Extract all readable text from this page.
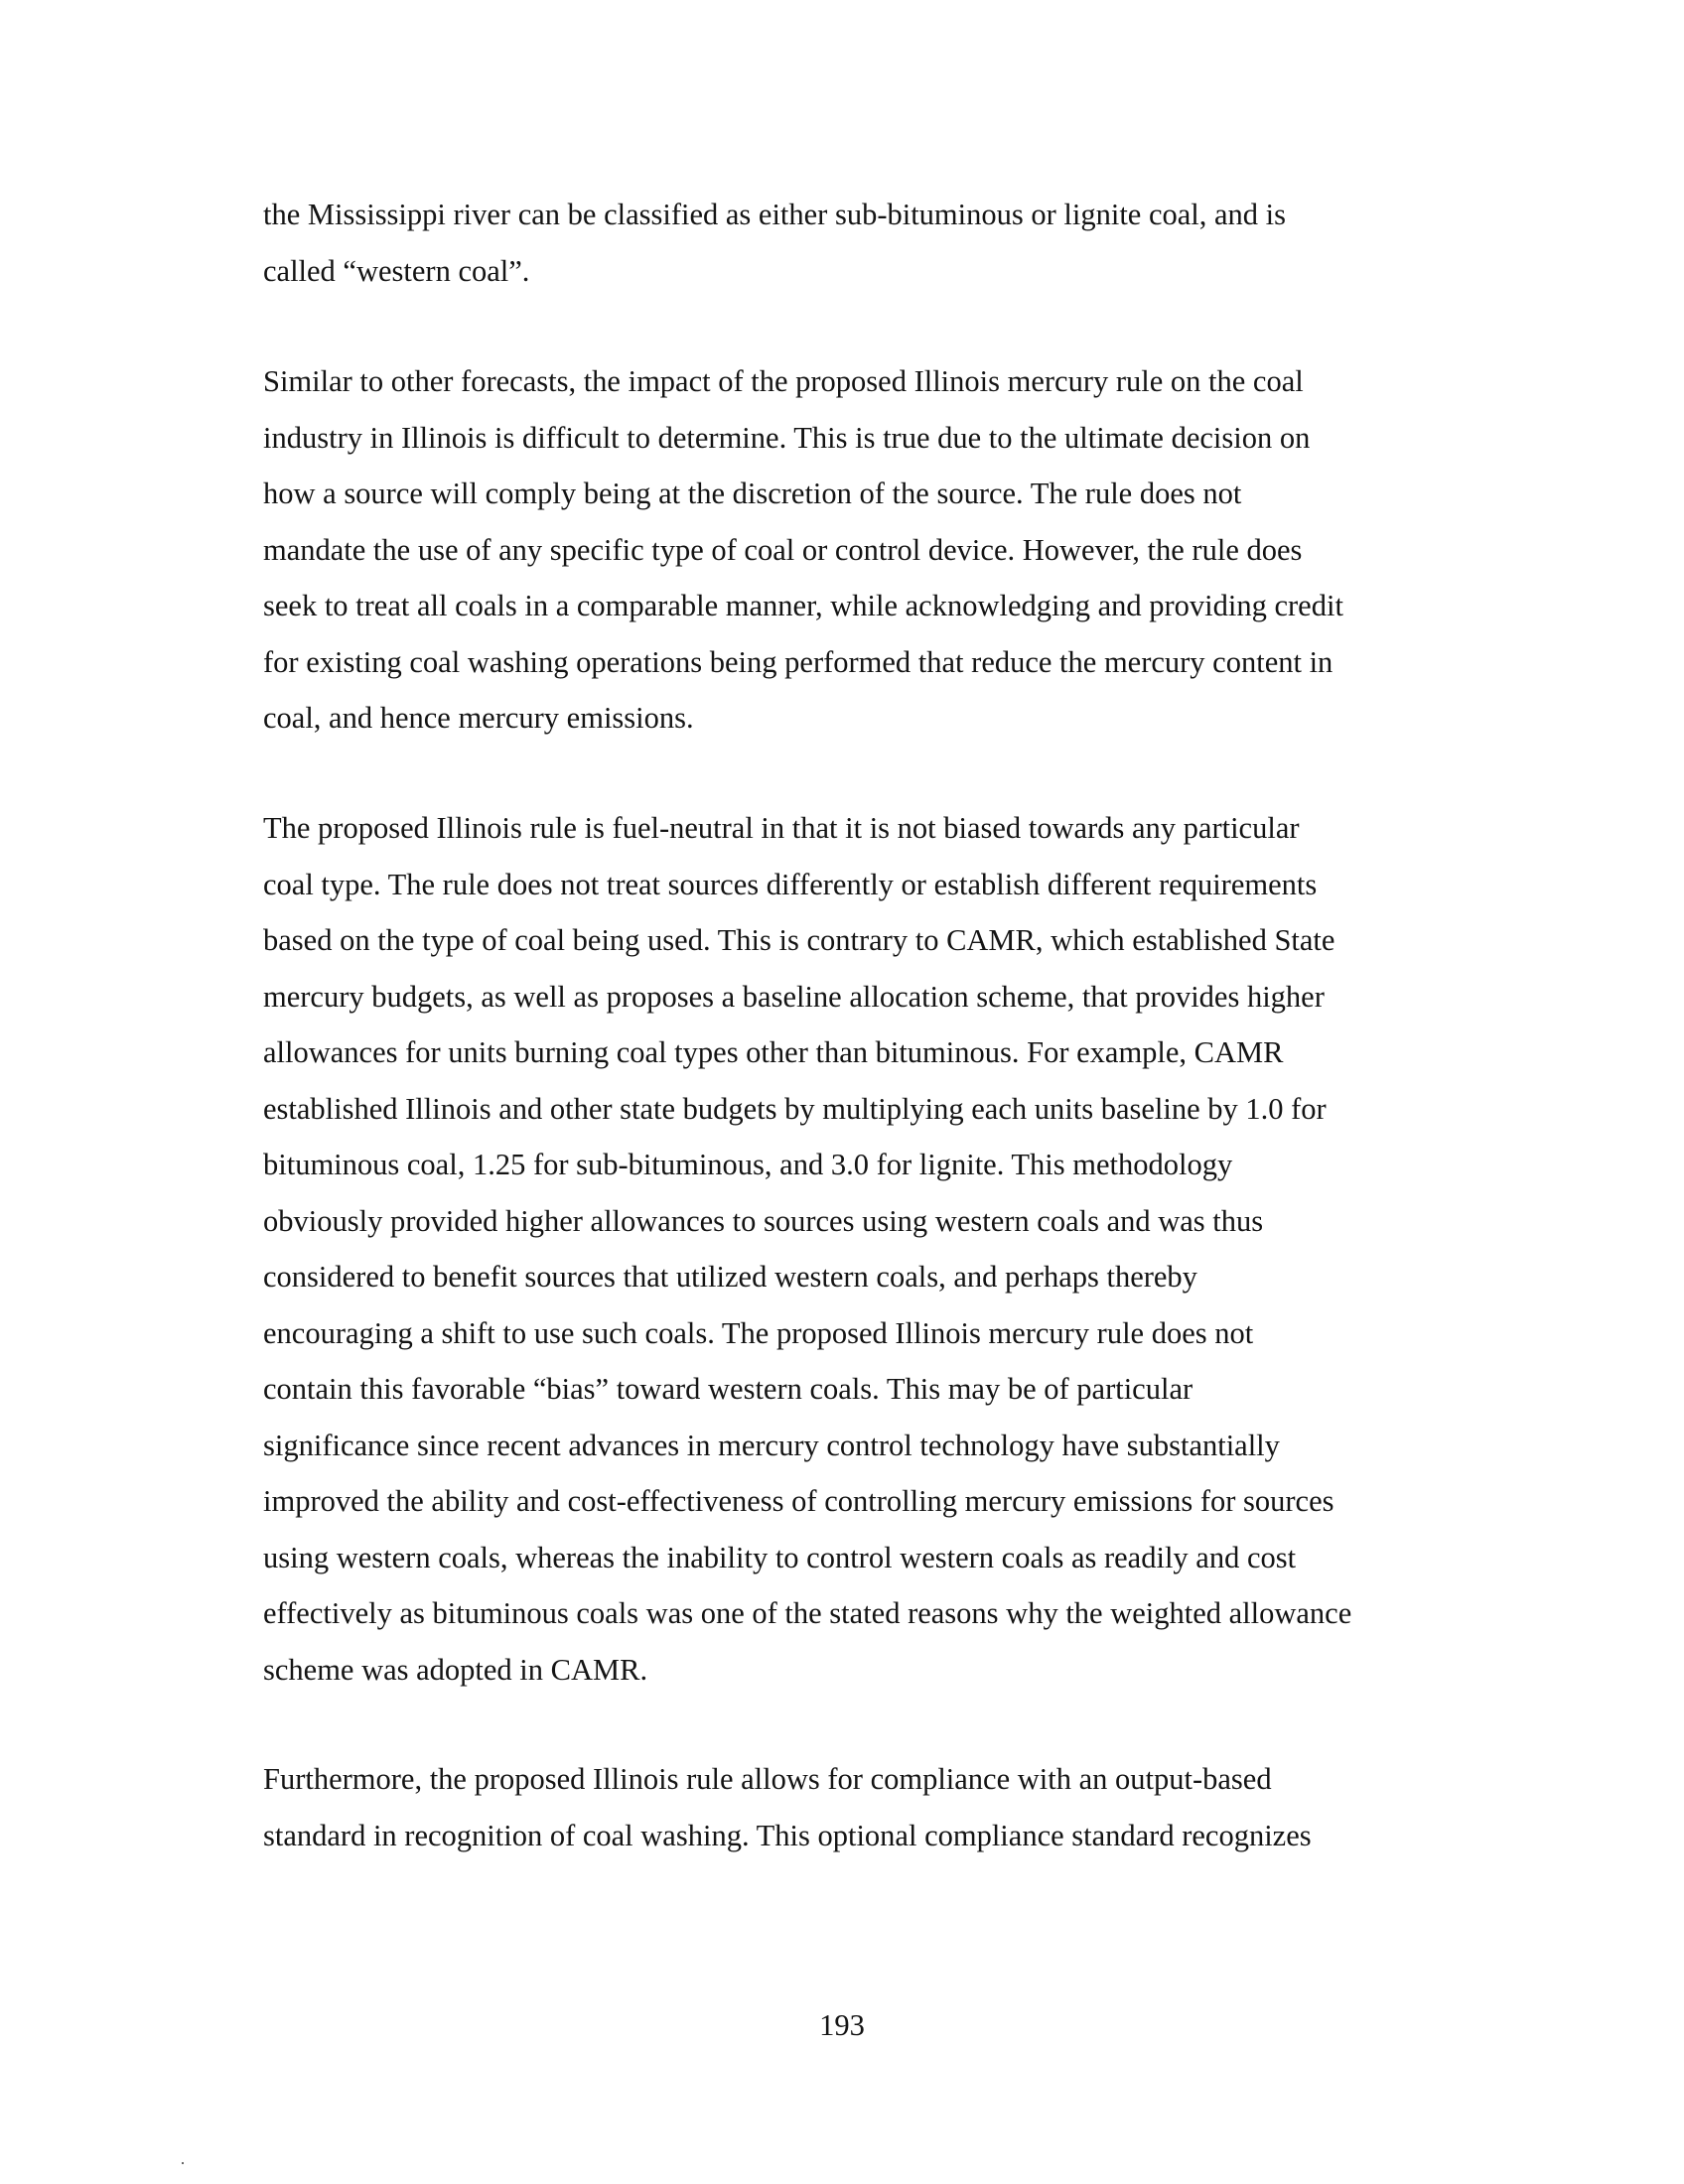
the Mississippi river can be classified as either sub-bituminous or lignite coal, and is
called “western coal”.
Similar to other forecasts, the impact of the proposed Illinois mercury rule on the coal
industry in Illinois is difficult to determine. This is true due to the ultimate decision on
how a source will comply being at the discretion of the source. The rule does not
mandate the use of any specific type of coal or control device. However, the rule does
seek to treat all coals in a comparable manner, while acknowledging and providing credit
for existing coal washing operations being performed that reduce the mercury content in
coal, and hence mercury emissions.
The proposed Illinois rule is fuel-neutral in that it is not biased towards any particular
coal type. The rule does not treat sources differently or establish different requirements
based on the type of coal being used. This is contrary to CAMR, which established State
mercury budgets, as well as proposes a baseline allocation scheme, that provides higher
allowances for units burning coal types other than bituminous. For example, CAMR
established Illinois and other state budgets by multiplying each units baseline by 1.0 for
bituminous coal, 1.25 for sub-bituminous, and 3.0 for lignite. This methodology
obviously provided higher allowances to sources using western coals and was thus
considered to benefit sources that utilized western coals, and perhaps thereby
encouraging a shift to use such coals. The proposed Illinois mercury rule does not
contain this favorable “bias” toward western coals. This may be of particular
significance since recent advances in mercury control technology have substantially
improved the ability and cost-effectiveness of controlling mercury emissions for sources
using western coals, whereas the inability to control western coals as readily and cost
effectively as bituminous coals was one of the stated reasons why the weighted allowance
scheme was adopted in CAMR.
Furthermore, the proposed Illinois rule allows for compliance with an output-based
standard in recognition of coal washing. This optional compliance standard recognizes
193
